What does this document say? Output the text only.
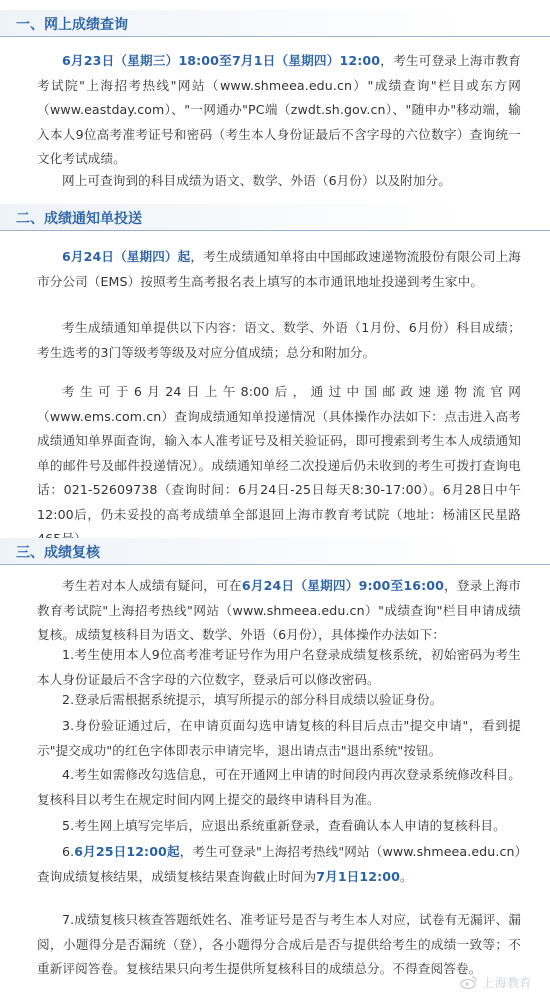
一、网上成绩查询
6月23日（星期三）18:00至7月1日（星期四）12:00，考生可登录上海市教育考试院"上海招考热线"网站（www.shmeea.edu.cn）"成绩查询"栏目或东方网（www.eastday.com）、"一网通办"PC端（zwdt.sh.gov.cn）、"随申办"移动端，输入本人9位高考准考证号和密码（考生本人身份证最后不含字母的六位数字）查询统一文化考试成绩。
网上可查询到的科目成绩为语文、数学、外语（6月份）以及附加分。
二、成绩通知单投送
6月24日（星期四）起，考生成绩通知单将由中国邮政速递物流股份有限公司上海市分公司（EMS）按照考生高考报名表上填写的本市通讯地址投递到考生家中。
考生成绩通知单提供以下内容：语文、数学、外语（1月份、6月份）科目成绩；考生选考的3门等级考等级及对应分值成绩；总分和附加分。
考生可于6月24日上午8:00后，通过中国邮政速递物流官网（www.ems.com.cn）查询成绩通知单投递情况（具体操作办法如下：点击进入高考成绩通知单界面查询，输入本人准考证号及相关验证码，即可搜索到考生本人成绩通知单的邮件号及邮件投递情况）。成绩通知单经二次投递后仍未收到的考生可拨打查询电话：021-52609738（查询时间：6月24日-25日每天8:30-17:00）。6月28日中午12:00后，仍未妥投的高考成绩单全部退回上海市教育考试院（地址：杨浦区民星路
三、成绩复核
考生若对本人成绩有疑问，可在6月24日（星期四）9:00至16:00，登录上海市教育考试院"上海招考热线"网站（www.shmeea.edu.cn）"成绩查询"栏目申请成绩复核。成绩复核科目为语文、数学、外语（6月份），具体操作办法如下：
1.考生使用本人9位高考准考证号作为用户名登录成绩复核系统，初始密码为考生本人身份证最后不含字母的六位数字，登录后可以修改密码。
2.登录后需根据系统提示，填写所提示的部分科目成绩以验证身份。
3.身份验证通过后，在申请页面勾选申请复核的科目后点击"提交申请"，看到提示"提交成功"的红色字体即表示申请完毕，退出请点击"退出系统"按钮。
4.考生如需修改勾选信息，可在开通网上申请的时间段内再次登录系统修改科目。复核科目以考生在规定时间内网上提交的最终申请科目为准。
5.考生网上填写完毕后，应退出系统重新登录，查看确认本人申请的复核科目。
6.6月25日12:00起，考生可登录"上海招考热线"网站（www.shmeea.edu.cn）查询成绩复核结果，成绩复核结果查询截止时间为7月1日12:00。
7.成绩复核只核查答题纸姓名、准考证号是否与考生本人对应，试卷有无漏评、漏阅，小题得分是否漏统（登），各小题得分合成后是否与提供给考生的成绩一致等；不重新评阅答卷。复核结果只向考生提供所复核科目的成绩总分。不得查阅答卷。
上海教育
